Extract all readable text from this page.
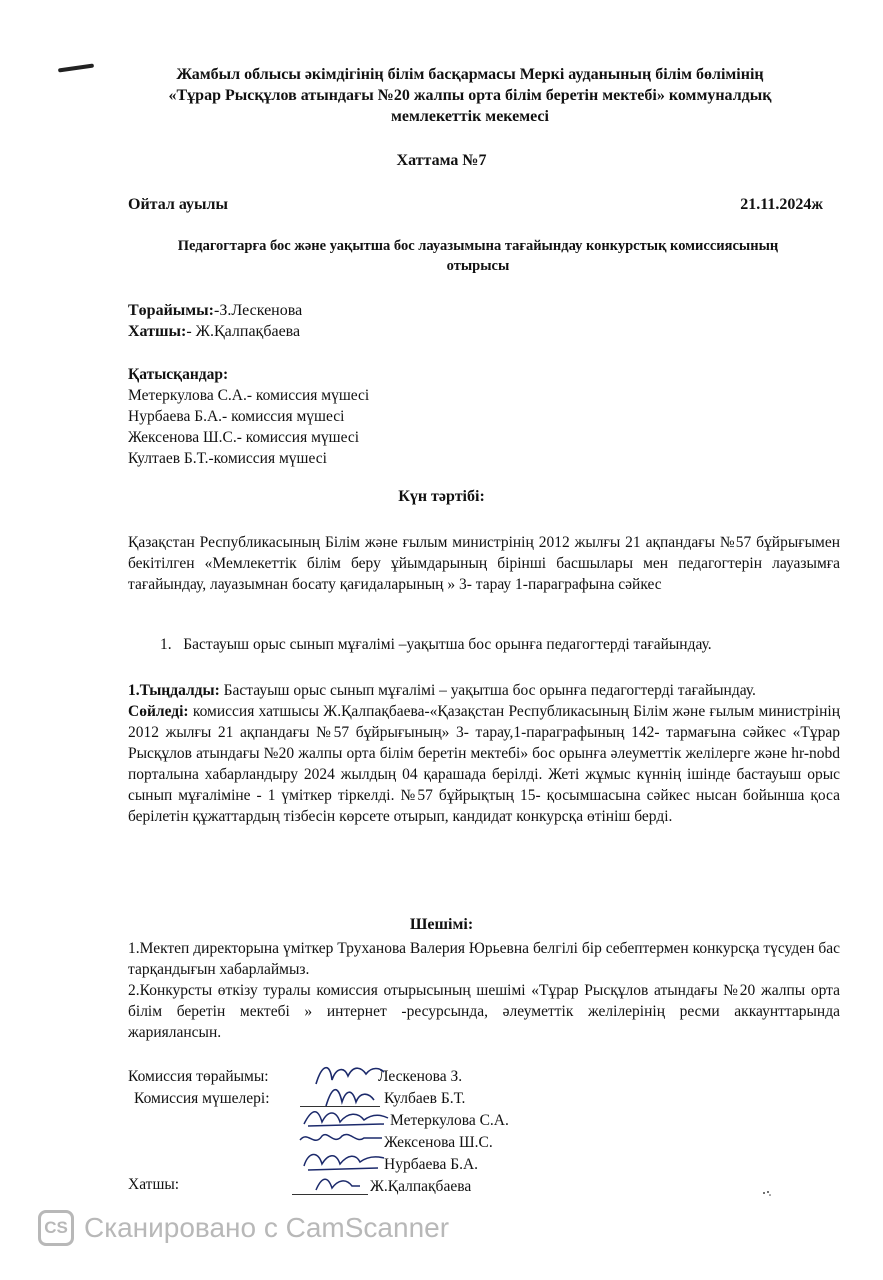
Жамбыл облысы әкімдігінің білім басқармасы Меркі ауданының білім бөлімінің
«Тұрар Рысқұлов атындағы №20 жалпы орта білім беретін мектебі» коммуналдық
мемлекеттік мекемесі
Хаттама №7
Ойтал ауылы	21.11.2024ж
Педагогтарға бос және уақытша бос лауазымына тағайындау конкурстық комиссиясының
отырысы
Төрайымы:-З.Лескенова
Хатшы:- Ж.Қалпақбаева
Қатысқандар:
Метеркулова С.А.- комиссия мүшесі
Нурбаева Б.А.- комиссия мүшесі
Жексенова Ш.С.- комиссия мүшесі
Култаев Б.Т.-комиссия мүшесі
Күн тәртібі:
Қазақстан Республикасының Білім және ғылым министрінің 2012 жылғы 21 ақпандағы №57 бұйрығымен бекітілген «Мемлекеттік білім беру ұйымдарының бірінші басшылары мен педагогтерін лауазымға тағайындау, лауазымнан босату қағидаларының » 3- тарау 1-параграфына сәйкес
1. Бастауыш орыс сынып мұғалімі –уақытша бос орынға педагогтерді тағайындау.
1.Тыңдалды: Бастауыш орыс сынып мұғалімі – уақытша бос орынға педагогтерді тағайындау.
Сөйледі: комиссия хатшысы Ж.Қалпақбаева-«Қазақстан Республикасының Білім және ғылым министрінің 2012 жылғы 21 ақпандағы №57 бұйрығының» 3- тарау,1-параграфының 142- тармағына сәйкес «Тұрар Рысқұлов атындағы №20 жалпы орта білім беретін мектебі» бос орынға әлеуметтік желілерге және hr-nobd порталына хабарландыру 2024 жылдың 04 қарашада берілді. Жеті жұмыс күннің ішінде бастауыш орыс сынып мұғаліміне - 1 үміткер тіркелді. №57 бұйрықтың 15- қосымшасына сәйкес нысан бойынша қоса берілетін құжаттардың тізбесін көрсете отырып, кандидат конкурсқа өтініш берді.
Шешімі:
1.Мектеп директорына үміткер Труханова Валерия Юрьевна белгілі бір себептермен конкурсқа түсуден бас тарқандығын хабарлаймыз.
2.Конкурсты өткізу туралы комиссия отырысының шешімі «Тұрар Рысқұлов атындағы №20 жалпы орта білім беретін мектебі » интернет -ресурсында, әлеуметтік желілерінің ресми аккаунттарында жариялансын.
Комиссия төрайымы:
Комиссия мүшелері:
Хатшы:
Лескенова З.
Кулбаев Б.Т.
Метеркулова С.А.
Жексенова Ш.С.
Нурбаева Б.А.
Ж.Қалпақбаева
CS Сканировано с CamScanner
